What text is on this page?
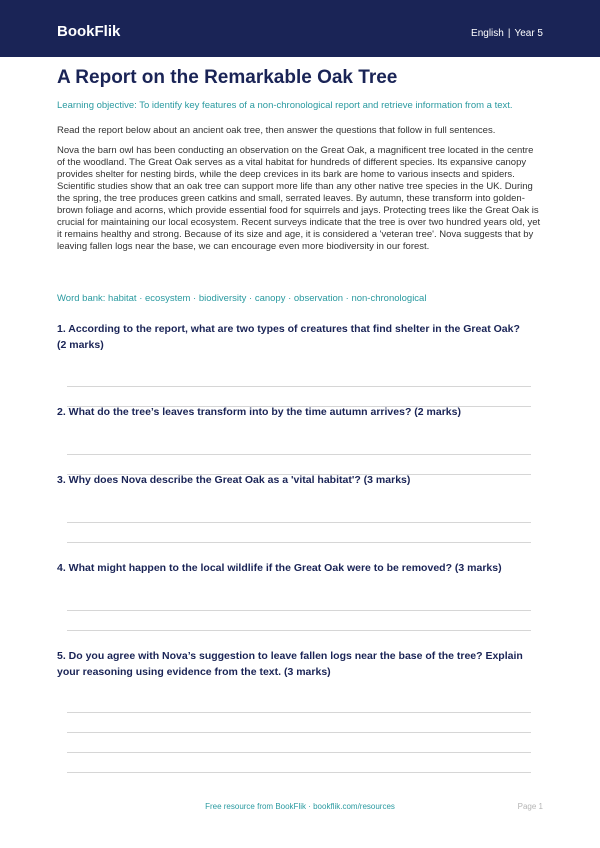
BookFlik	English | Year 5
A Report on the Remarkable Oak Tree
Learning objective: To identify key features of a non-chronological report and retrieve information from a text.
Read the report below about an ancient oak tree, then answer the questions that follow in full sentences.

Nova the barn owl has been conducting an observation on the Great Oak, a magnificent tree located in the centre of the woodland. The Great Oak serves as a vital habitat for hundreds of different species. Its expansive canopy provides shelter for nesting birds, while the deep crevices in its bark are home to various insects and spiders. Scientific studies show that an oak tree can support more life than any other native tree species in the UK. During the spring, the tree produces green catkins and small, serrated leaves. By autumn, these transform into golden-brown foliage and acorns, which provide essential food for squirrels and jays. Protecting trees like the Great Oak is crucial for maintaining our local ecosystem. Recent surveys indicate that the tree is over two hundred years old, yet it remains healthy and strong. Because of its size and age, it is considered a 'veteran tree'. Nova suggests that by leaving fallen logs near the base, we can encourage even more biodiversity in our forest.

Word bank: habitat · ecosystem · biodiversity · canopy · observation · non-chronological
1. According to the report, what are two types of creatures that find shelter in the Great Oak? (2 marks)
2. What do the tree’s leaves transform into by the time autumn arrives? (2 marks)
3. Why does Nova describe the Great Oak as a 'vital habitat'? (3 marks)
4. What might happen to the local wildlife if the Great Oak were to be removed? (3 marks)
5. Do you agree with Nova’s suggestion to leave fallen logs near the base of the tree? Explain your reasoning using evidence from the text. (3 marks)
Free resource from BookFlik · bookflik.com/resources	Page 1
